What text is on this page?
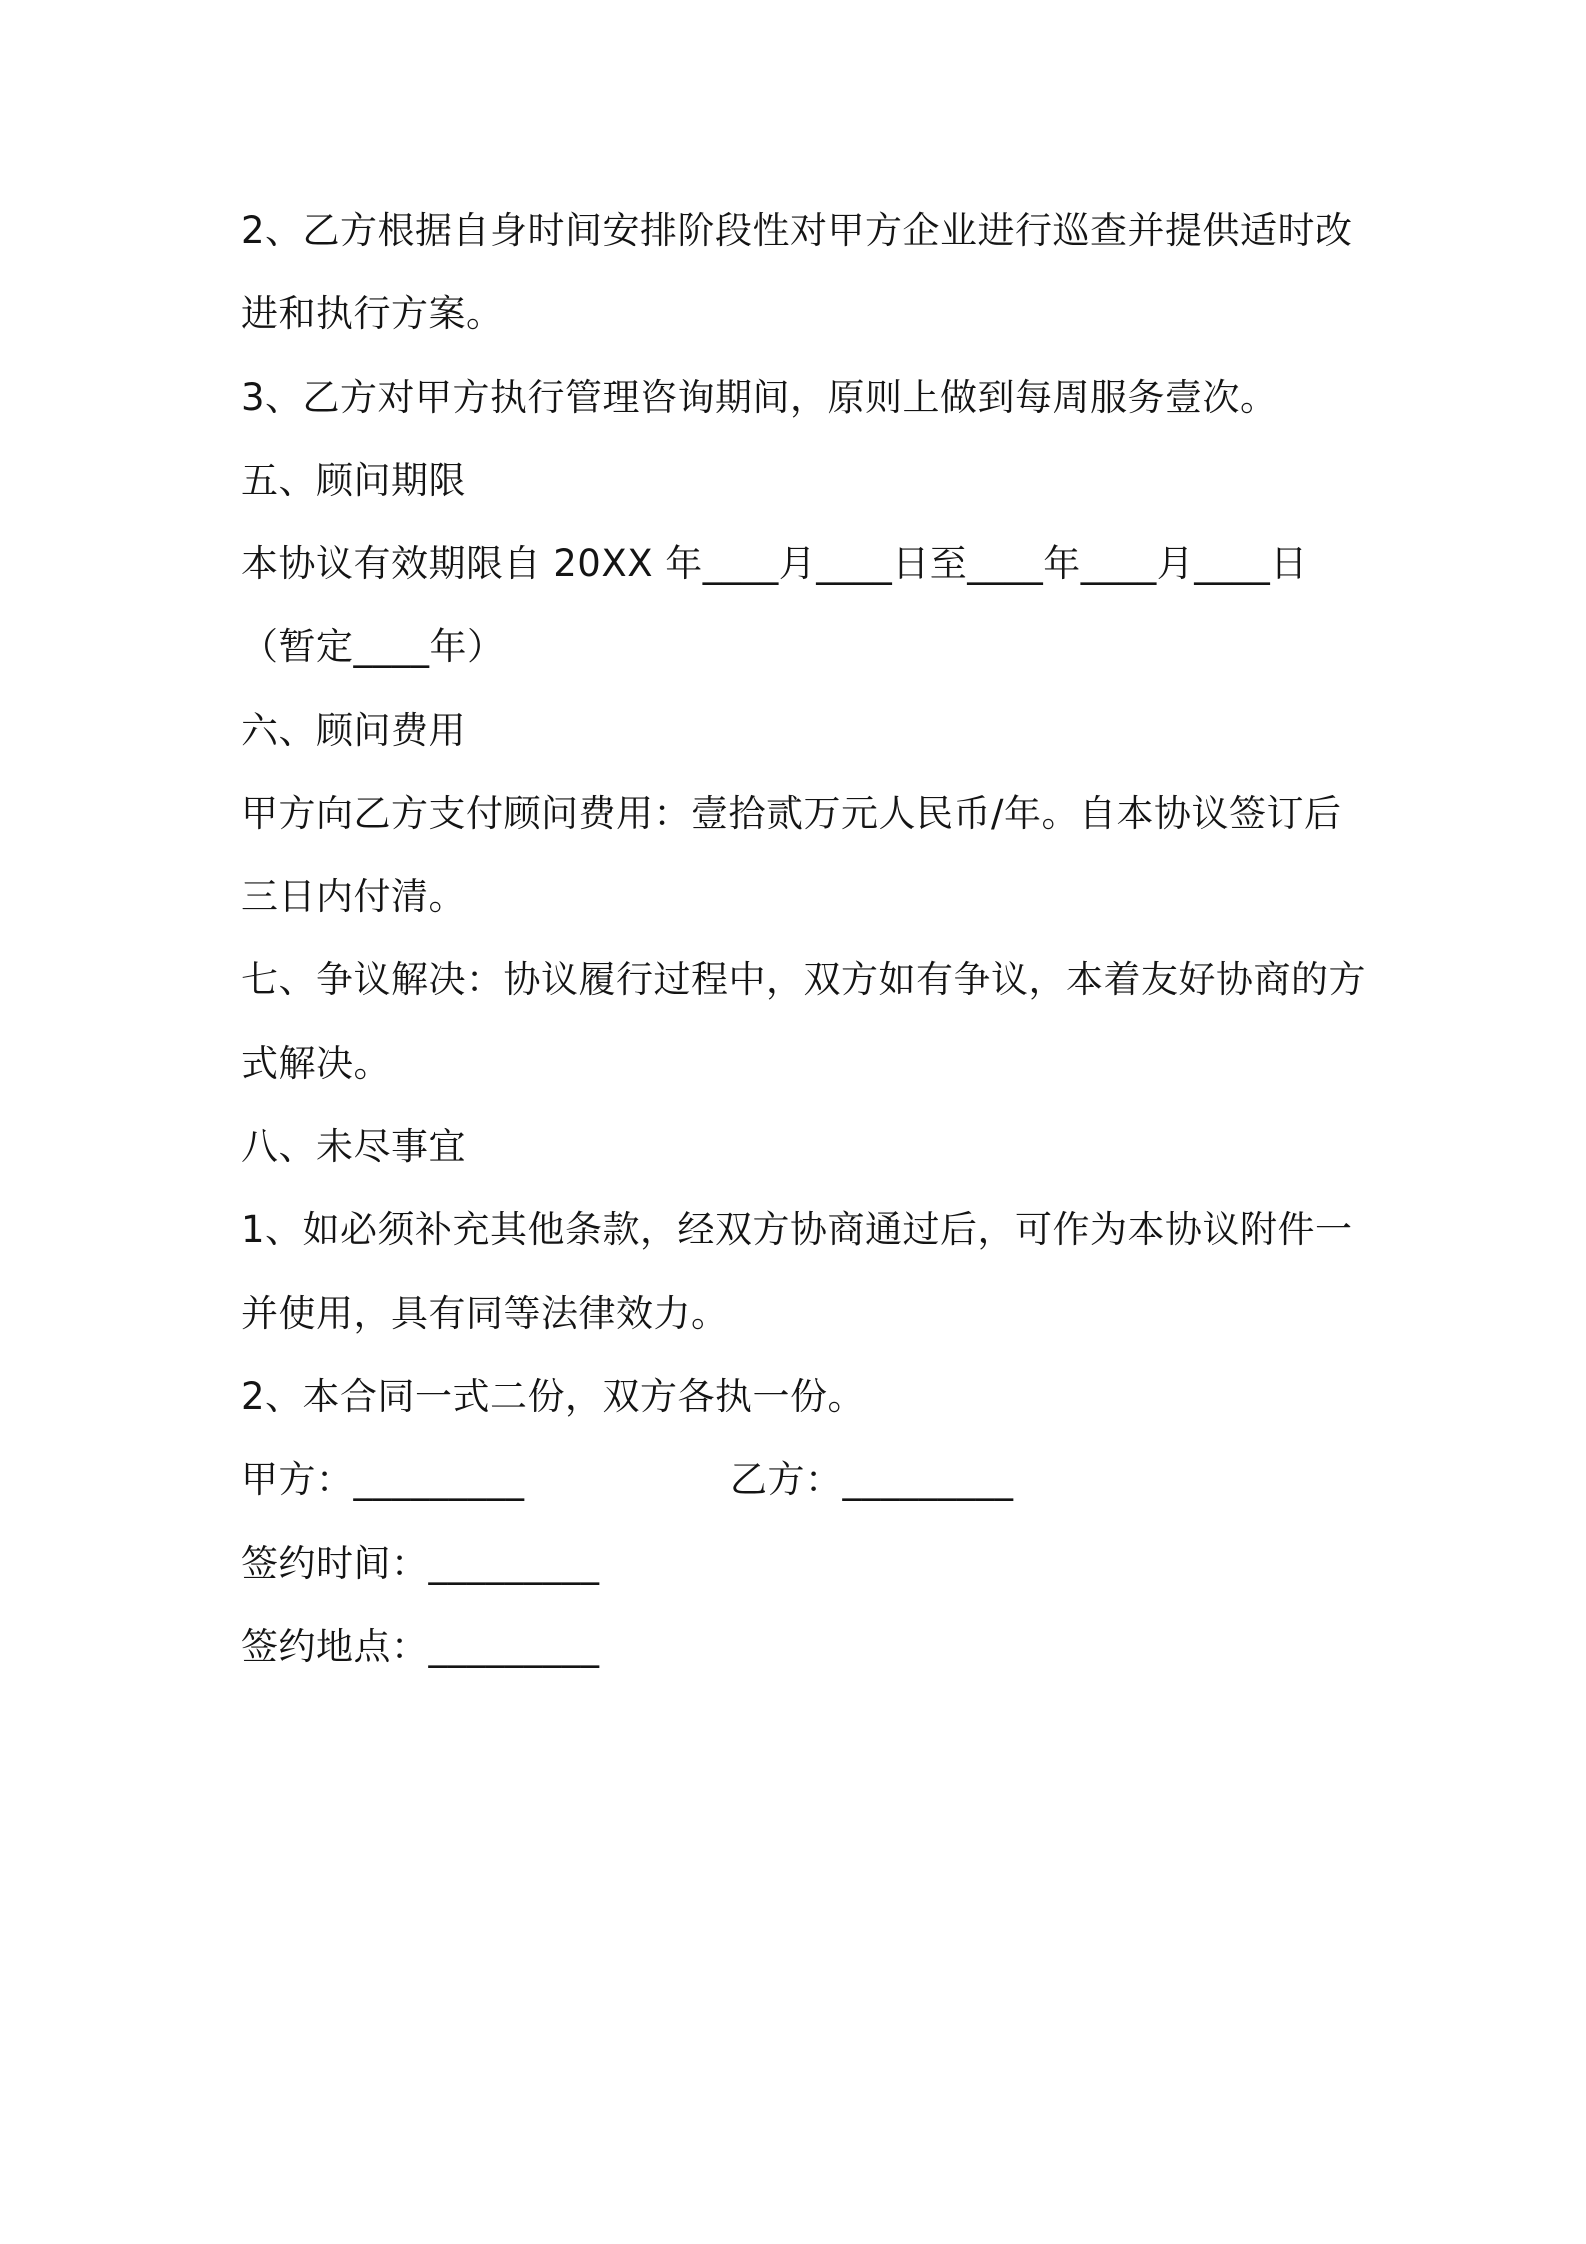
2、乙方根据自身时间安排阶段性对甲方企业进行巡查并提供适时改
进和执行方案。
3、乙方对甲方执行管理咨询期间，原则上做到每周服务壹次。
五、顾问期限
本协议有效期限自 20XX 年____月____日至____年____月____日
（暂定____年）
六、顾问费用
甲方向乙方支付顾问费用：壹拾贰万元人民币/年。自本协议签订后
三日内付清。
七、争议解决：协议履行过程中，双方如有争议，本着友好协商的方
式解决。
八、未尽事宜
1、如必须补充其他条款，经双方协商通过后，可作为本协议附件一
并使用，具有同等法律效力。
2、本合同一式二份，双方各执一份。
甲方：_________	乙方：_________
签约时间：_________
签约地点：_________
